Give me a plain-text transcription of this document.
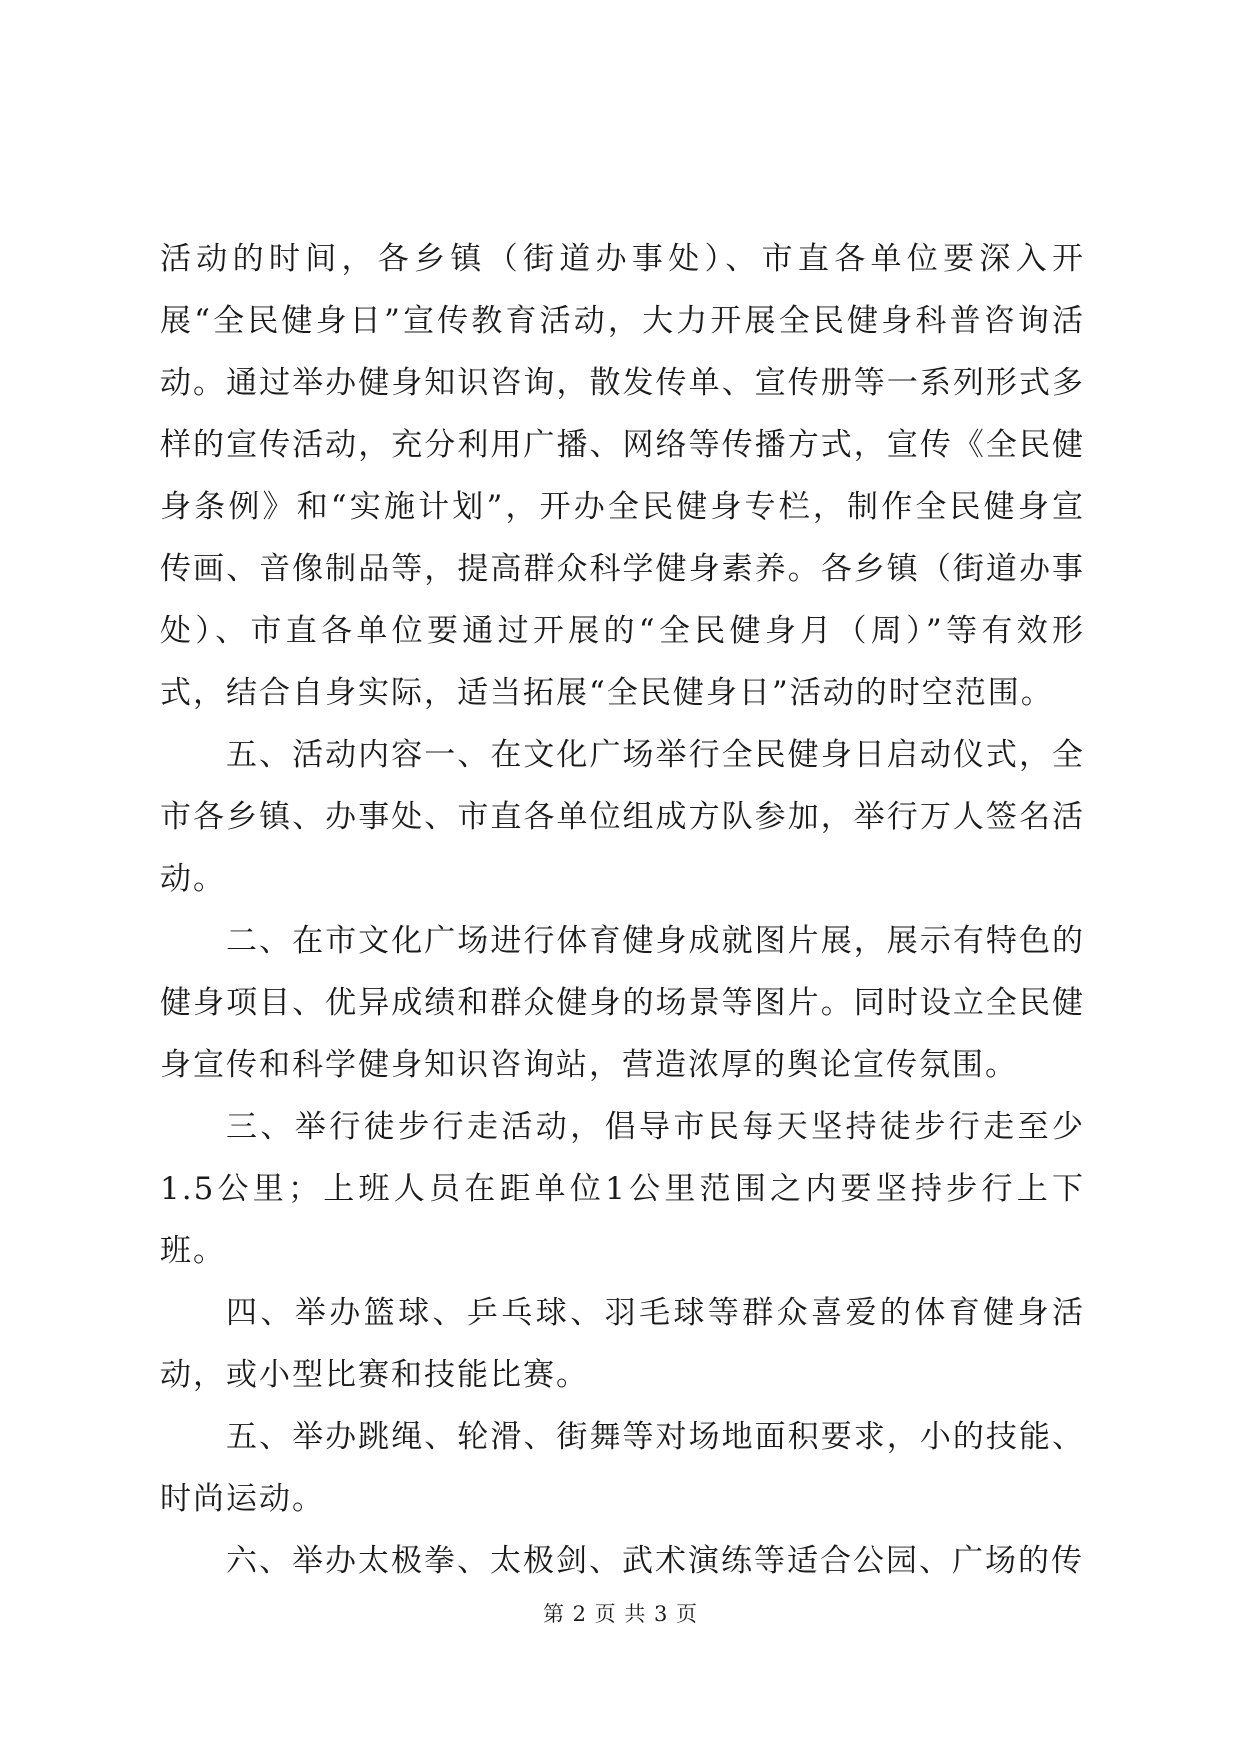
活动的时间，各乡镇（街道办事处）、市直各单位要深入开展“全民健身日”宣传教育活动，大力开展全民健身科普咨询活动。通过举办健身知识咨询，散发传单、宣传册等一系列形式多样的宣传活动，充分利用广播、网络等传播方式，宣传《全民健身条例》和“实施计划”，开办全民健身专栏，制作全民健身宣传画、音像制品等，提高群众科学健身素养。各乡镇（街道办事处）、市直各单位要通过开展的“全民健身月（周）”等有效形式，结合自身实际，适当拓展“全民健身日”活动的时空范围。

五、活动内容一、在文化广场举行全民健身日启动仪式，全市各乡镇、办事处、市直各单位组成方队参加，举行万人签名活动。

二、在市文化广场进行体育健身成就图片展，展示有特色的健身项目、优异成绩和群众健身的场景等图片。同时设立全民健身宣传和科学健身知识咨询站，营造浓厚的舆论宣传氛围。

三、举行徒步行走活动，倡导市民每天坚持徒步行走至少1.5公里；上班人员在距单位1公里范围之内要坚持步行上下班。

四、举办篮球、乒乓球、羽毛球等群众喜爱的体育健身活动，或小型比赛和技能比赛。

五、举办跳绳、轮滑、街舞等对场地面积要求，小的技能、时尚运动。

六、举办太极拳、太极剑、武术演练等适合公园、广场的传

第 2 页 共 3 页
